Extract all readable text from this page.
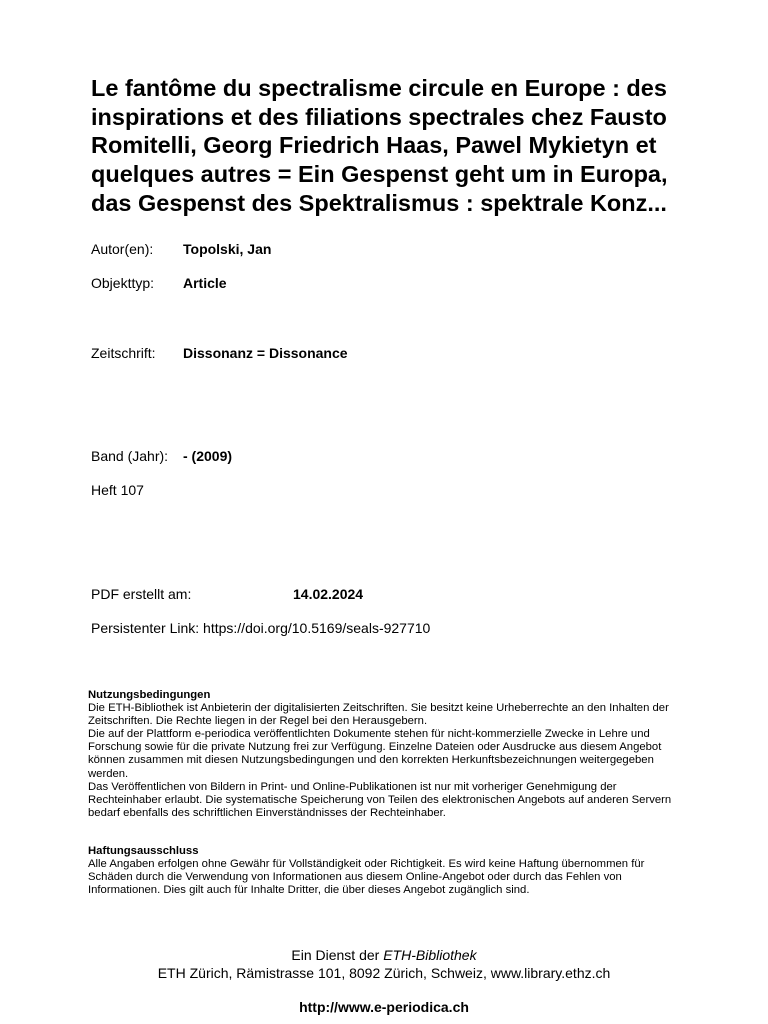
Le fantôme du spectralisme circule en Europe : des inspirations et des filiations spectrales chez Fausto Romitelli, Georg Friedrich Haas, Pawel Mykietyn et quelques autres = Ein Gespenst geht um in Europa, das Gespenst des Spektralismus : spektrale Konz...
Autor(en): Topolski, Jan
Objekttyp: Article
Zeitschrift: Dissonanz = Dissonance
Band (Jahr): - (2009)
Heft 107
PDF erstellt am:	14.02.2024
Persistenter Link: https://doi.org/10.5169/seals-927710
Nutzungsbedingungen
Die ETH-Bibliothek ist Anbieterin der digitalisierten Zeitschriften. Sie besitzt keine Urheberrechte an den Inhalten der Zeitschriften. Die Rechte liegen in der Regel bei den Herausgebern.
Die auf der Plattform e-periodica veröffentlichten Dokumente stehen für nicht-kommerzielle Zwecke in Lehre und Forschung sowie für die private Nutzung frei zur Verfügung. Einzelne Dateien oder Ausdrucke aus diesem Angebot können zusammen mit diesen Nutzungsbedingungen und den korrekten Herkunftsbezeichnungen weitergegeben werden.
Das Veröffentlichen von Bildern in Print- und Online-Publikationen ist nur mit vorheriger Genehmigung der Rechteinhaber erlaubt. Die systematische Speicherung von Teilen des elektronischen Angebots auf anderen Servern bedarf ebenfalls des schriftlichen Einverständnisses der Rechteinhaber.
Haftungsausschluss
Alle Angaben erfolgen ohne Gewähr für Vollständigkeit oder Richtigkeit. Es wird keine Haftung übernommen für Schäden durch die Verwendung von Informationen aus diesem Online-Angebot oder durch das Fehlen von Informationen. Dies gilt auch für Inhalte Dritter, die über dieses Angebot zugänglich sind.
Ein Dienst der ETH-Bibliothek
ETH Zürich, Rämistrasse 101, 8092 Zürich, Schweiz, www.library.ethz.ch
http://www.e-periodica.ch
